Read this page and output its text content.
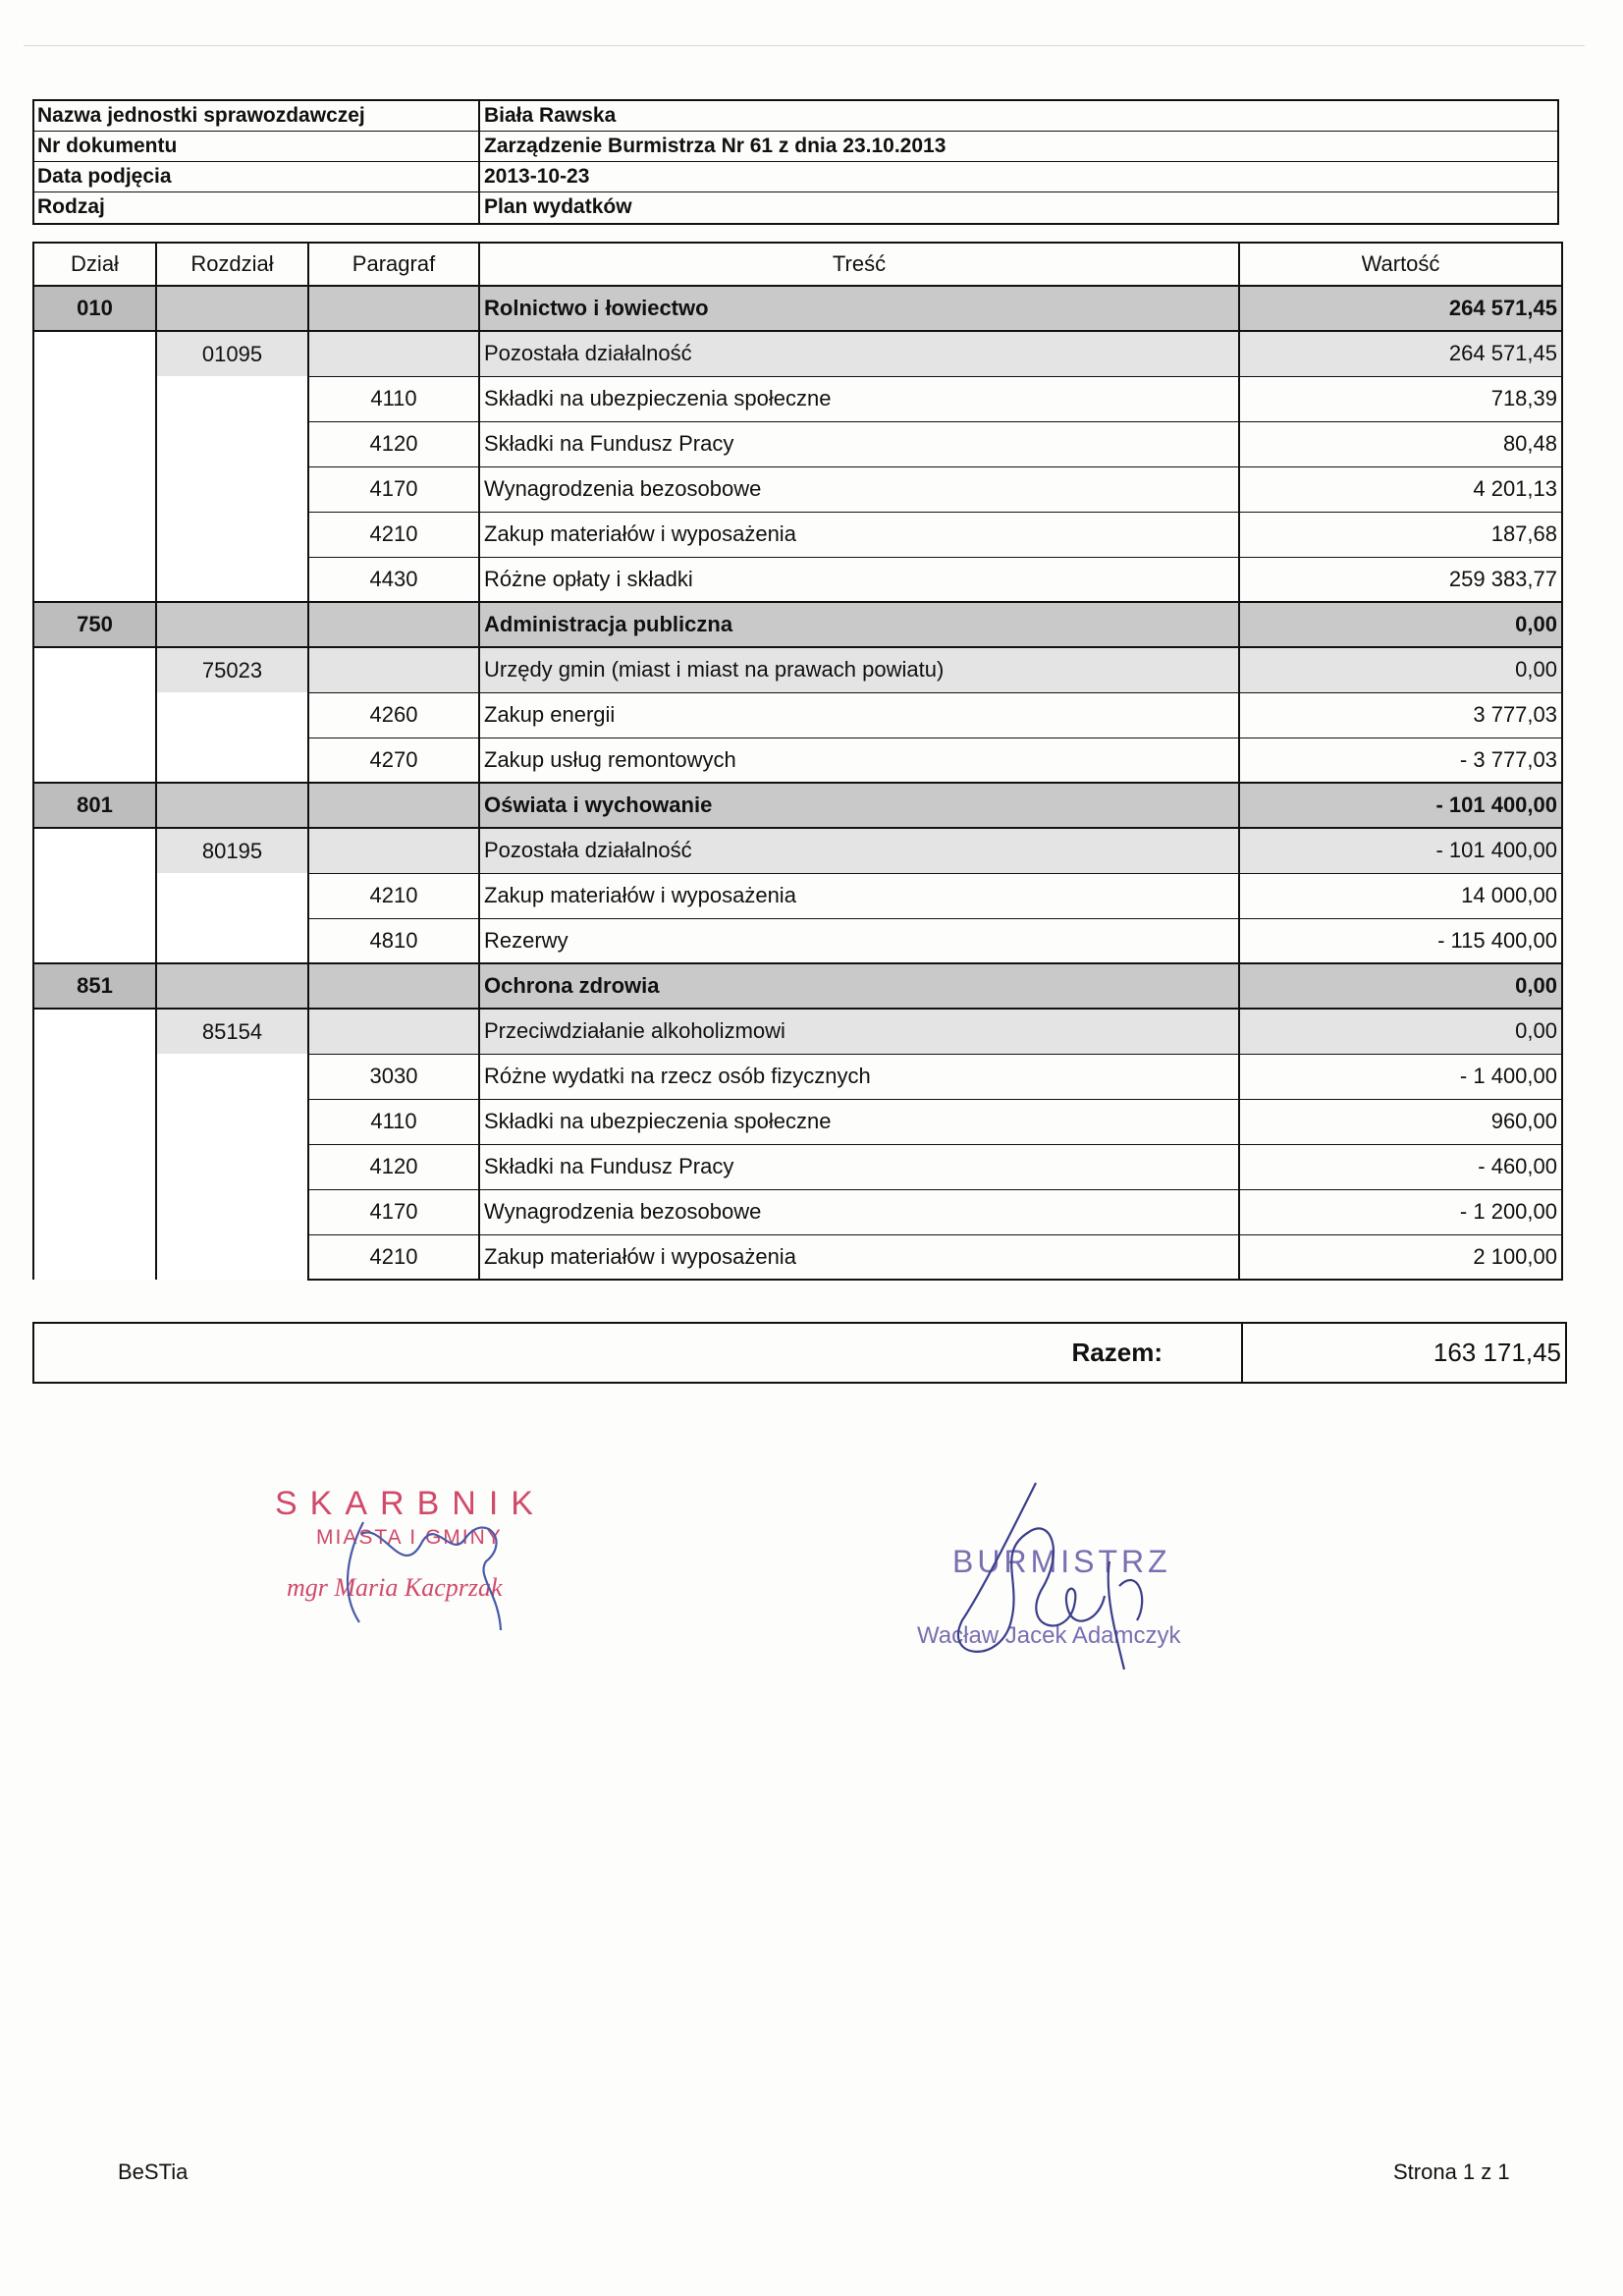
Nazwa jednostki sprawozdawczej	Biała Rawska
Nr dokumentu	Zarządzenie Burmistrza Nr 61 z dnia 23.10.2013
Data podjęcia	2013-10-23
Rodzaj	Plan wydatków
Dział	Rozdział	Paragraf	Treść	Wartość
010			Rolnictwo i łowiectwo	264 571,45
	01095		Pozostała działalność	264 571,45
		4110	Składki na ubezpieczenia społeczne	718,39
		4120	Składki na Fundusz Pracy	80,48
		4170	Wynagrodzenia bezosobowe	4 201,13
		4210	Zakup materiałów i wyposażenia	187,68
		4430	Różne opłaty i składki	259 383,77
750			Administracja publiczna	0,00
	75023		Urzędy gmin (miast i miast na prawach powiatu)	0,00
		4260	Zakup energii	3 777,03
		4270	Zakup usług remontowych	- 3 777,03
801			Oświata i wychowanie	- 101 400,00
	80195		Pozostała działalność	- 101 400,00
		4210	Zakup materiałów i wyposażenia	14 000,00
		4810	Rezerwy	- 115 400,00
851			Ochrona zdrowia	0,00
	85154		Przeciwdziałanie alkoholizmowi	0,00
		3030	Różne wydatki na rzecz osób fizycznych	- 1 400,00
		4110	Składki na ubezpieczenia społeczne	960,00
		4120	Składki na Fundusz Pracy	- 460,00
		4170	Wynagrodzenia bezosobowe	- 1 200,00
		4210	Zakup materiałów i wyposażenia	2 100,00
Razem:	163 171,45
SKARBNIK
MIASTA I GMINY
mgr Maria Kacprzak
BURMISTRZ
Wacław Jacek Adamczyk
BeSTia	Strona 1 z 1
